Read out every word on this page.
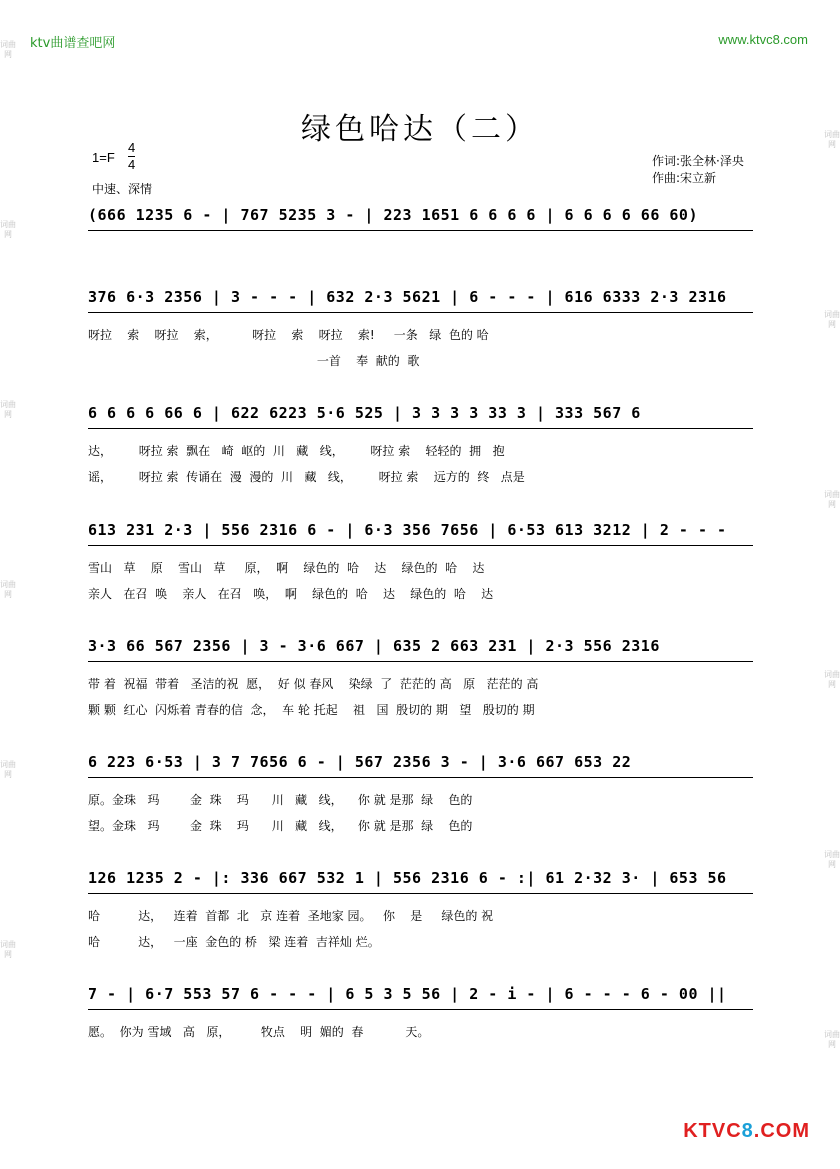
词曲网
词曲网
词曲网
词曲网
词曲网
词曲网
词曲网
词曲网
词曲网
词曲网
词曲网
词曲网
ktv曲谱查吧网	www.ktvc8.com
绿色哈达（二）
$1=F \frac{4}{4}$
中速、深情
作词:张全林·泽央
作曲:宋立新
(666 1235 6 - | 767 5235 3 - | 223 1651 6 6 6 6 | 6 6 6 6 66 60)
376 6·3 2356 | 3 - - - | 632 2·3 5621 | 6 - - - | 616 6333 2·3 2316
呀拉    索    呀拉    索，         呀拉    索    呀拉    索!     一条   绿  色的 哈
一首    奉  献的  歌
6 6 6 6 66 6 | 622 6223 5·6 525 | 3 3 3 3 33 3 | 333 567 6
达，       呀拉 索  飘在   崎  岖的  川   藏   线，       呀拉 索    轻轻的  拥   抱
谣，       呀拉 索  传诵在  漫  漫的  川   藏   线，       呀拉 索    远方的  终   点是
613 231 2·3 | 556 2316 6 - | 6·3 356 7656 | 6·53 613 3212 | 2 - - -
雪山   草    原    雪山   草     原，  啊    绿色的  哈    达    绿色的  哈    达
亲人   在召  唤    亲人   在召   唤，  啊    绿色的  哈    达    绿色的  哈    达
3·3 66 567 2356 | 3 - 3·6 667 | 635 2 663 231 | 2·3 556 2316
带 着  祝福  带着   圣洁的祝  愿，  好 似 春风    染绿  了  茫茫的 高   原   茫茫的 高
颗 颗  红心  闪烁着 青春的信  念，  车 轮 托起    祖   国  殷切的 期   望   殷切的 期
6 223 6·53 | 3 7 7656 6 - | 567 2356 3 - | 3·6 667 653 22
原。金珠   玛        金  珠    玛      川   藏   线，    你 就 是那  绿    色的
望。金珠   玛        金  珠    玛      川   藏   线，    你 就 是那  绿    色的
126 1235 2 - |: 336 667 532 1 | 556 2316 6 - :| 61 2·32 3· | 653 56
哈          达，   连着  首都  北   京 连着  圣地家 园。   你    是     绿色的 祝
哈          达，   一座  金色的 桥   梁 连着  吉祥灿 烂。
7 - | 6·7 553 57 6 - - - | 6 5 3 5 56 | 2 - i - | 6 - - - 6 - 00 ||
愿。  你为 雪域   高   原，        牧点    明  媚的  春           天。
KTVC8.COM
